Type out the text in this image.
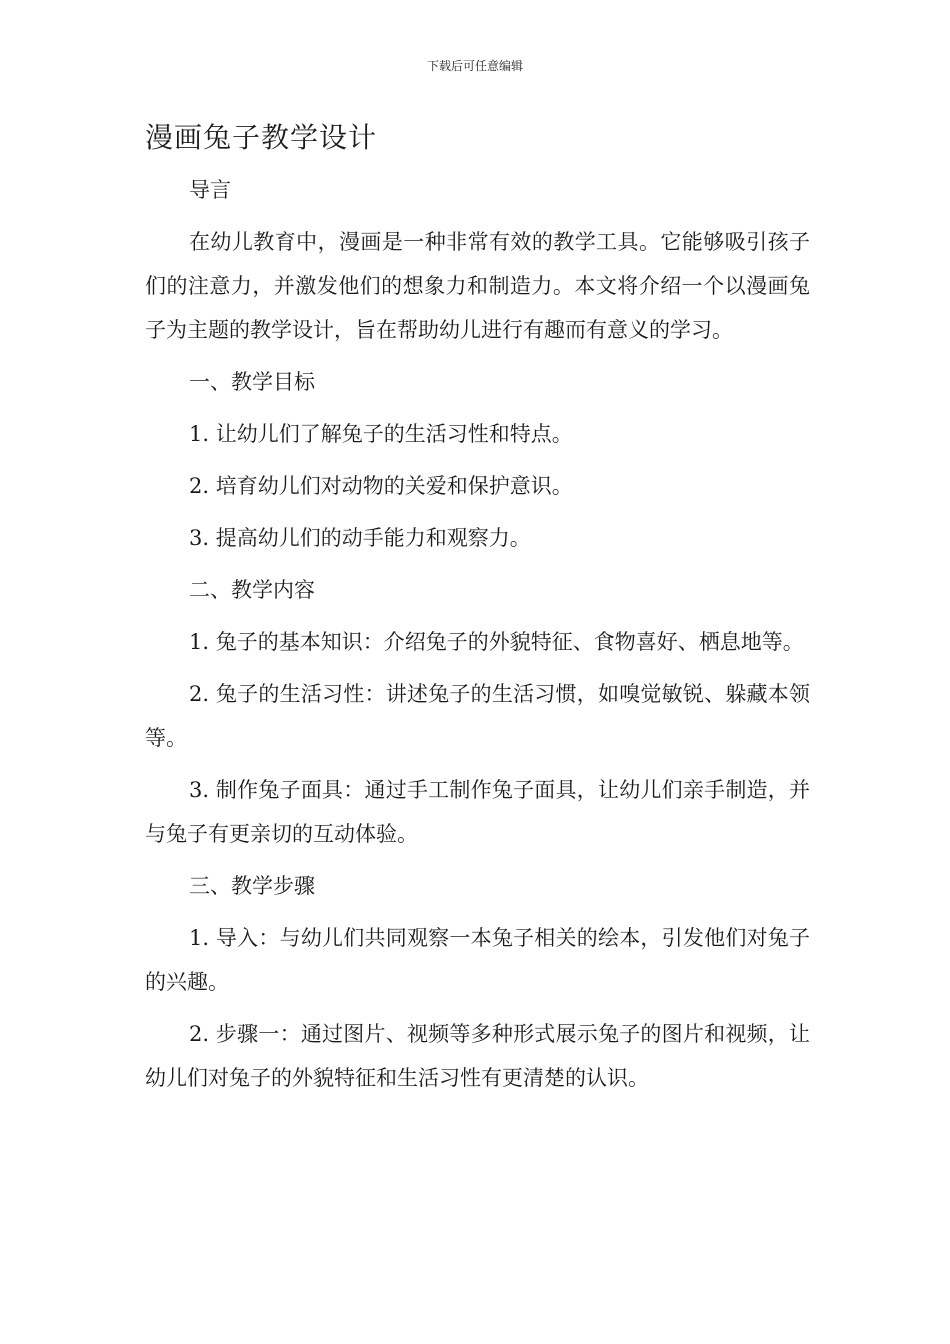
下载后可任意编辑
漫画兔子教学设计

导言

在幼儿教育中，漫画是一种非常有效的教学工具。它能够吸引孩子们的注意力，并激发他们的想象力和制造力。本文将介绍一个以漫画兔子为主题的教学设计，旨在帮助幼儿进行有趣而有意义的学习。

一、教学目标

1. 让幼儿们了解兔子的生活习性和特点。

2. 培育幼儿们对动物的关爱和保护意识。

3. 提高幼儿们的动手能力和观察力。

二、教学内容

1. 兔子的基本知识：介绍兔子的外貌特征、食物喜好、栖息地等。

2. 兔子的生活习性：讲述兔子的生活习惯，如嗅觉敏锐、躲藏本领等。

3. 制作兔子面具：通过手工制作兔子面具，让幼儿们亲手制造，并与兔子有更亲切的互动体验。

三、教学步骤

1. 导入：与幼儿们共同观察一本兔子相关的绘本，引发他们对兔子的兴趣。

2. 步骤一：通过图片、视频等多种形式展示兔子的图片和视频，让幼儿们对兔子的外貌特征和生活习性有更清楚的认识。
